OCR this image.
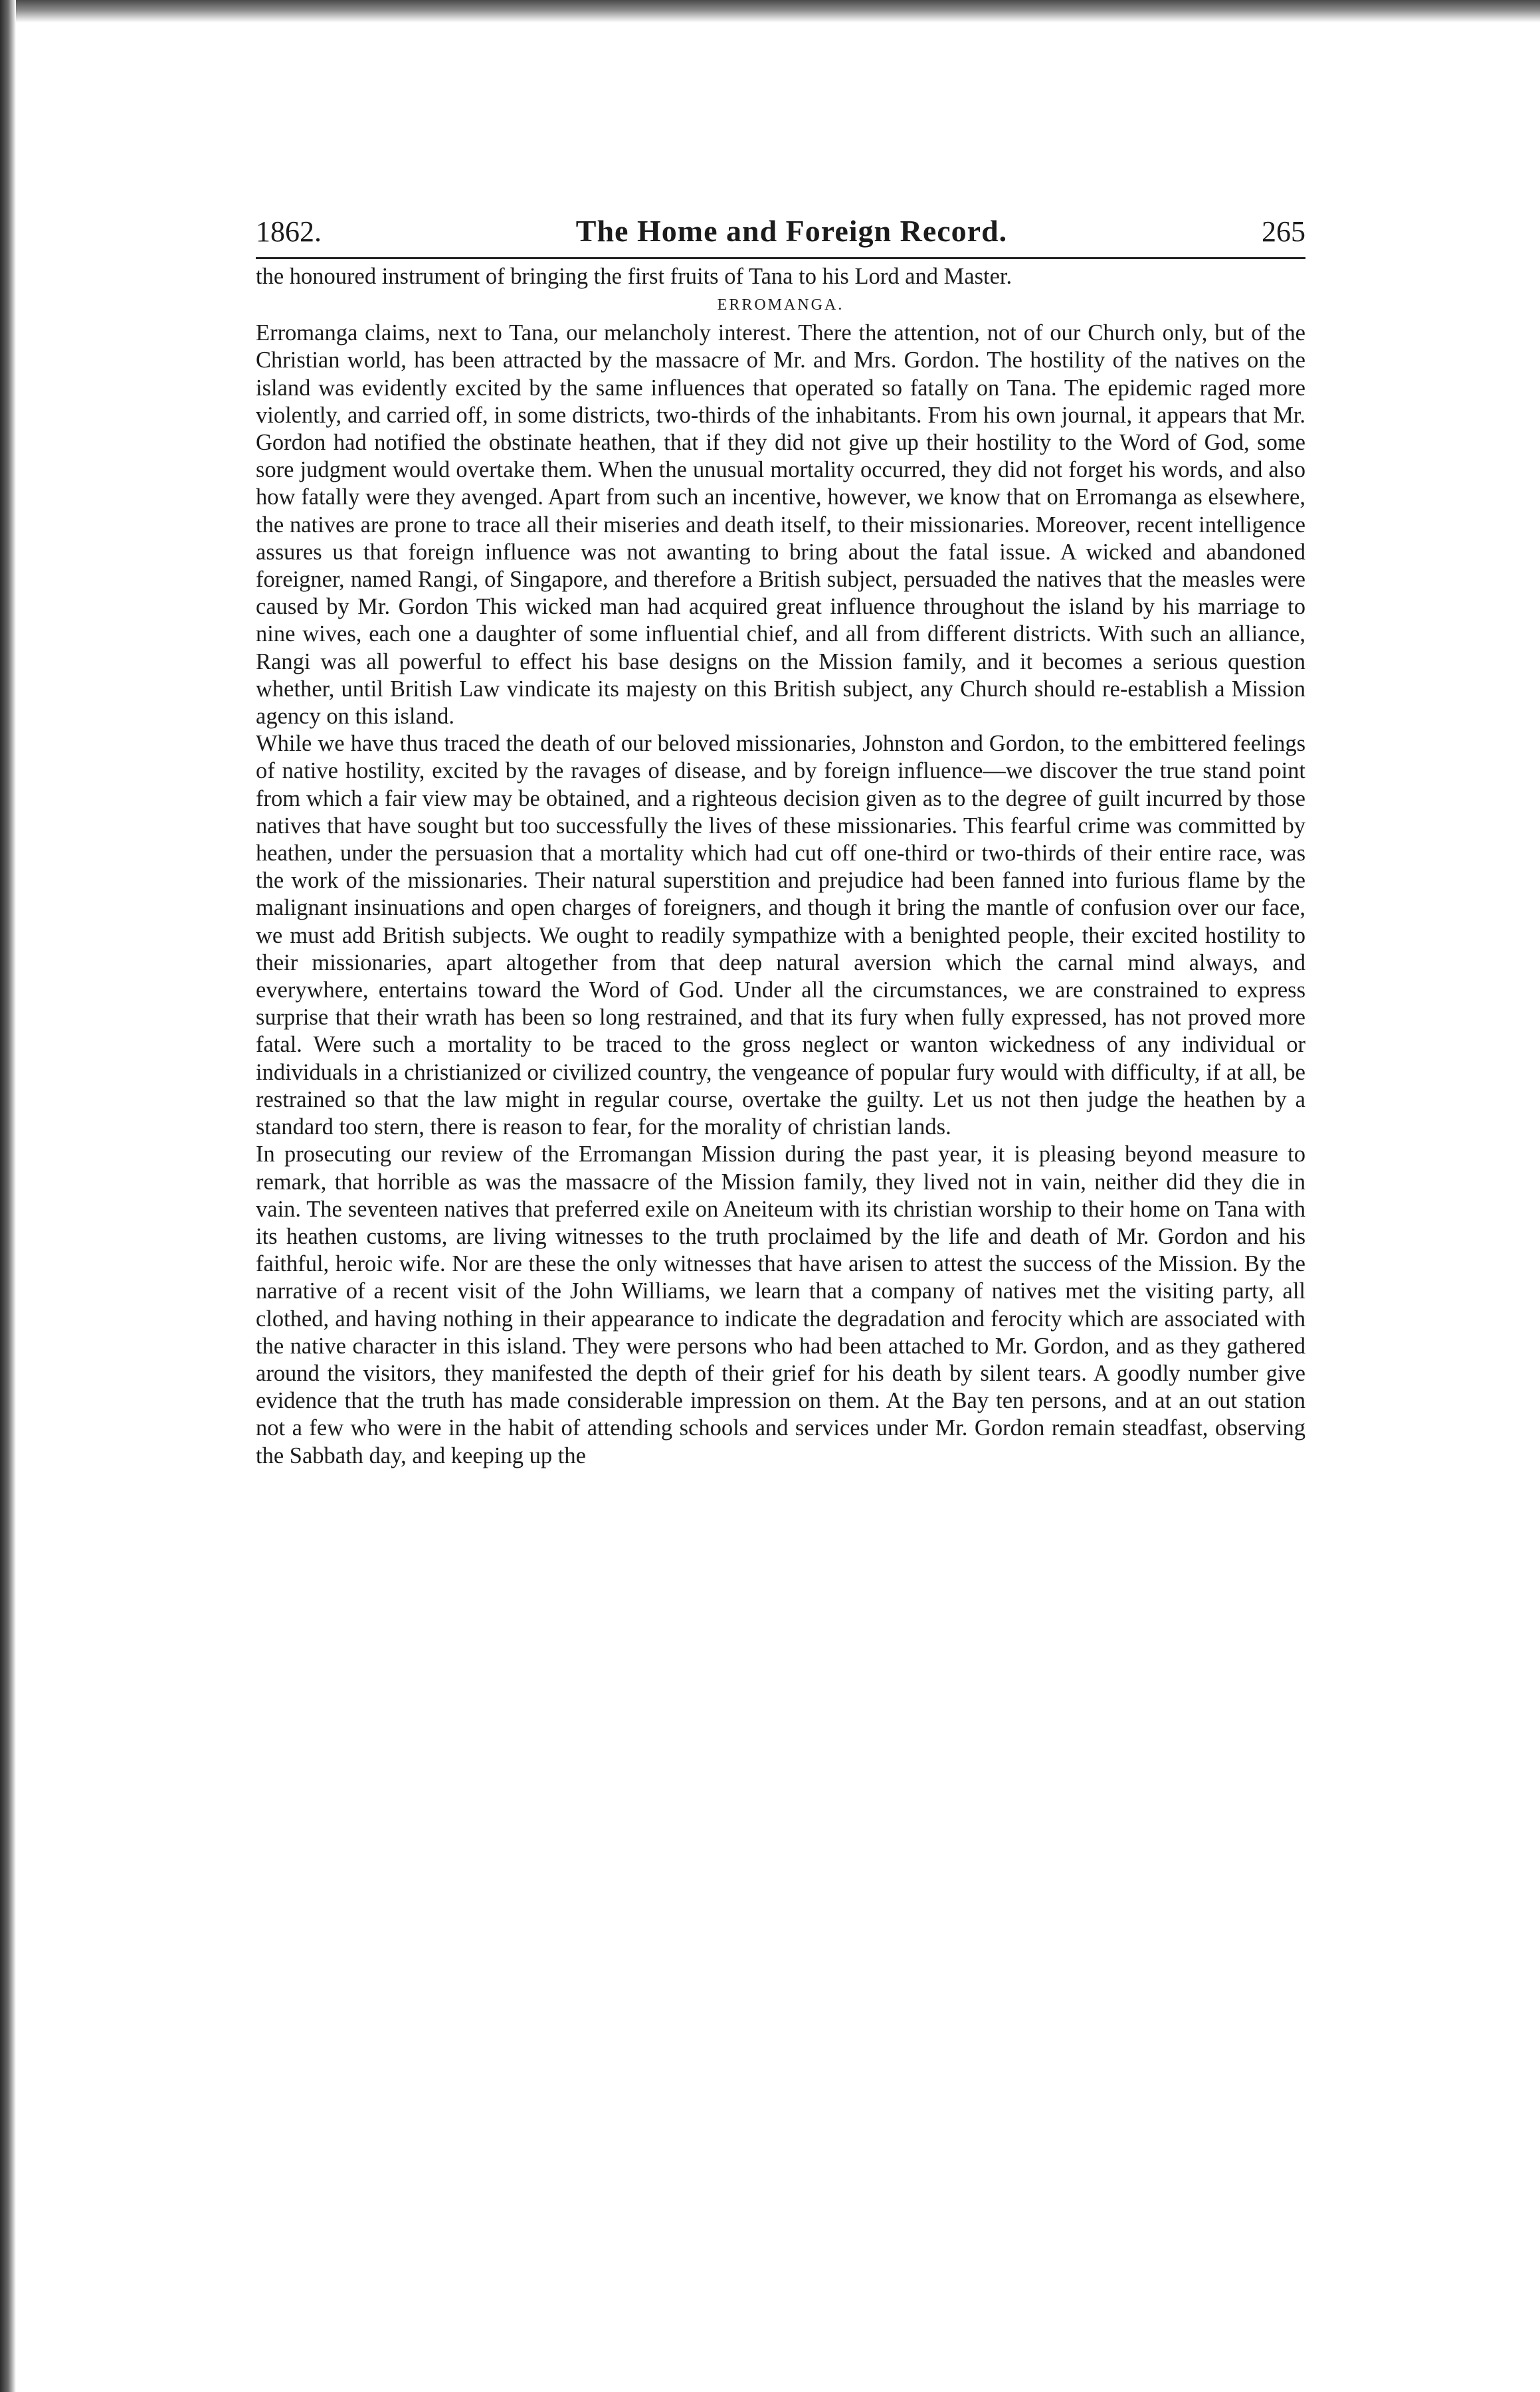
1862.	The Home and Foreign Record.	265

the honoured instrument of bringing the first fruits of Tana to his Lord and Master.

ERROMANGA.

Erromanga claims, next to Tana, our melancholy interest. There the attention, not of our Church only, but of the Christian world, has been attracted by the massacre of Mr. and Mrs. Gordon. The hostility of the natives on the island was evidently excited by the same influences that operated so fatally on Tana. The epidemic raged more violently, and carried off, in some districts, two-thirds of the inhabitants. From his own journal, it appears that Mr. Gordon had notified the obstinate heathen, that if they did not give up their hostility to the Word of God, some sore judgment would overtake them. When the unusual mortality occurred, they did not forget his words, and also how fatally were they avenged. Apart from such an incentive, however, we know that on Erromanga as elsewhere, the natives are prone to trace all their miseries and death itself, to their missionaries. Moreover, recent intelligence assures us that foreign influence was not awanting to bring about the fatal issue. A wicked and abandoned foreigner, named Rangi, of Singapore, and therefore a British subject, persuaded the natives that the measles were caused by Mr. Gordon This wicked man had acquired great influence throughout the island by his marriage to nine wives, each one a daughter of some influential chief, and all from different districts. With such an alliance, Rangi was all powerful to effect his base designs on the Mission family, and it becomes a serious question whether, until British Law vindicate its majesty on this British subject, any Church should re-establish a Mission agency on this island.

While we have thus traced the death of our beloved missionaries, Johnston and Gordon, to the embittered feelings of native hostility, excited by the ravages of disease, and by foreign influence—we discover the true stand point from which a fair view may be obtained, and a righteous decision given as to the degree of guilt incurred by those natives that have sought but too successfully the lives of these missionaries. This fearful crime was committed by heathen, under the persuasion that a mortality which had cut off one-third or two-thirds of their entire race, was the work of the missionaries. Their natural superstition and prejudice had been fanned into furious flame by the malignant insinuations and open charges of foreigners, and though it bring the mantle of confusion over our face, we must add British subjects. We ought to readily sympathize with a benighted people, their excited hostility to their missionaries, apart altogether from that deep natural aversion which the carnal mind always, and everywhere, entertains toward the Word of God. Under all the circumstances, we are constrained to express surprise that their wrath has been so long restrained, and that its fury when fully expressed, has not proved more fatal. Were such a mortality to be traced to the gross neglect or wanton wickedness of any individual or individuals in a christianized or civilized country, the vengeance of popular fury would with difficulty, if at all, be restrained so that the law might in regular course, overtake the guilty. Let us not then judge the heathen by a standard too stern, there is reason to fear, for the morality of christian lands.

In prosecuting our review of the Erromangan Mission during the past year, it is pleasing beyond measure to remark, that horrible as was the massacre of the Mission family, they lived not in vain, neither did they die in vain. The seventeen natives that preferred exile on Aneiteum with its christian worship to their home on Tana with its heathen customs, are living witnesses to the truth proclaimed by the life and death of Mr. Gordon and his faithful, heroic wife. Nor are these the only witnesses that have arisen to attest the success of the Mission. By the narrative of a recent visit of the John Williams, we learn that a company of natives met the visiting party, all clothed, and having nothing in their appearance to indicate the degradation and ferocity which are associated with the native character in this island. They were persons who had been attached to Mr. Gordon, and as they gathered around the visitors, they manifested the depth of their grief for his death by silent tears. A goodly number give evidence that the truth has made considerable impression on them. At the Bay ten persons, and at an out station not a few who were in the habit of attending schools and services under Mr. Gordon remain steadfast, observing the Sabbath day, and keeping up the
